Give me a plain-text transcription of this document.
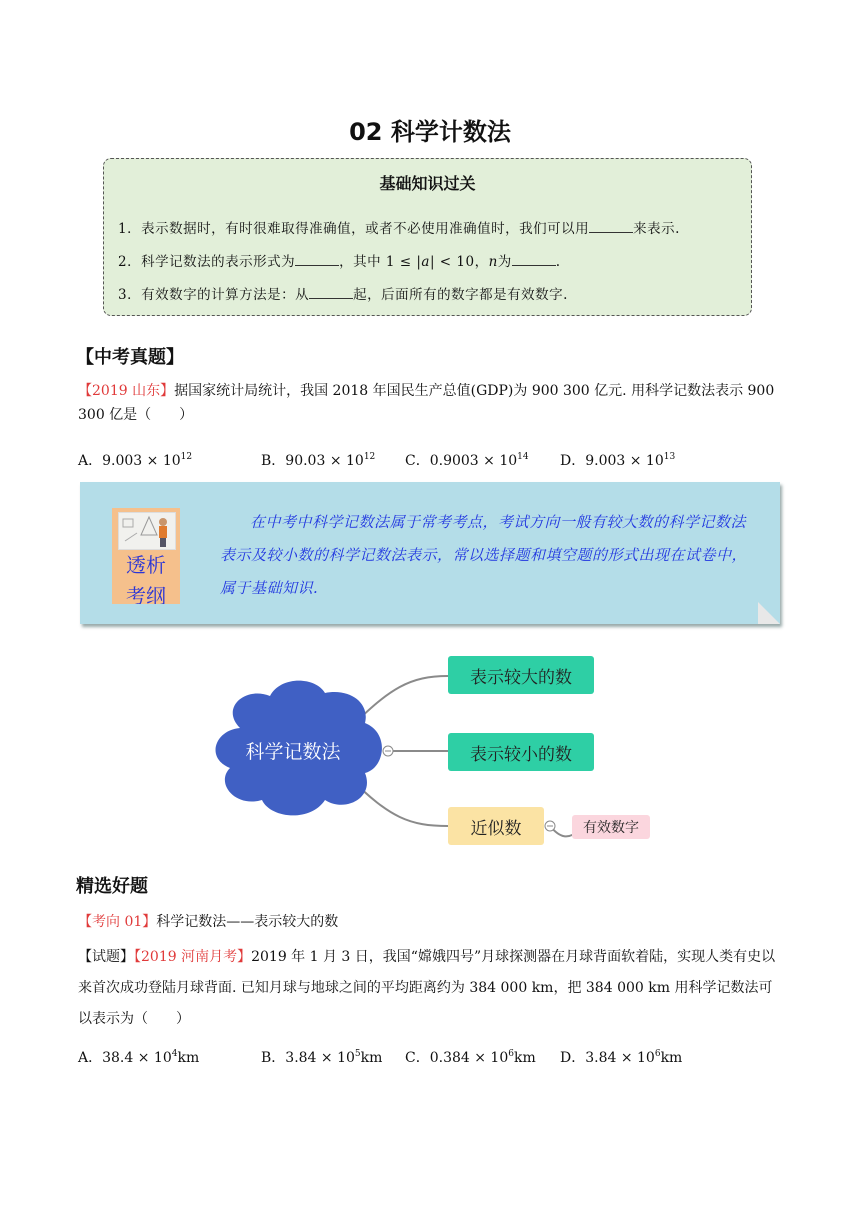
02 科学计数法
基础知识过关
1．表示数据时，有时很难取得准确值，或者不必使用准确值时，我们可以用	来表示.
2．科学记数法的表示形式为	，其中 1 ≤ |𝑎| < 10，𝑛为	.
3．有效数字的计算方法是：从	起，后面所有的数字都是有效数字.
【中考真题】
【2019 山东】据国家统计局统计，我国 2018 年国民生产总值(GDP)为 900 300 亿元. 用科学记数法表示 900 300 亿是（　　）
A．$9.003 \times 10^{12}$	B．$90.03 \times 10^{12}$ C．$0.9003 \times 10^{14}$ D．$9.003 \times 10^{13}$
透析
考纲
在中考中科学记数法属于常考考点，考试方向一般有较大数的科学记数法表示及较小数的科学记数法表示，常以选择题和填空题的形式出现在试卷中，属于基础知识.
科学记数法
表示较大的数
表示较小的数
近似数	有效数字
精选好题
【考向 01】科学记数法——表示较大的数
【试题】【2019 河南月考】2019 年 1 月 3 日，我国“嫦娥四号”月球探测器在月球背面软着陆，实现人类有史以来首次成功登陆月球背面. 已知月球与地球之间的平均距离约为 384 000 km，把 384 000 km 用科学记数法可以表示为（　　）
A．$38.4 \times 10^4km$	B．$3.84 \times 10^5km$ C．$0.384 \times 10^6km$ D．$3.84 \times 10^6km$
